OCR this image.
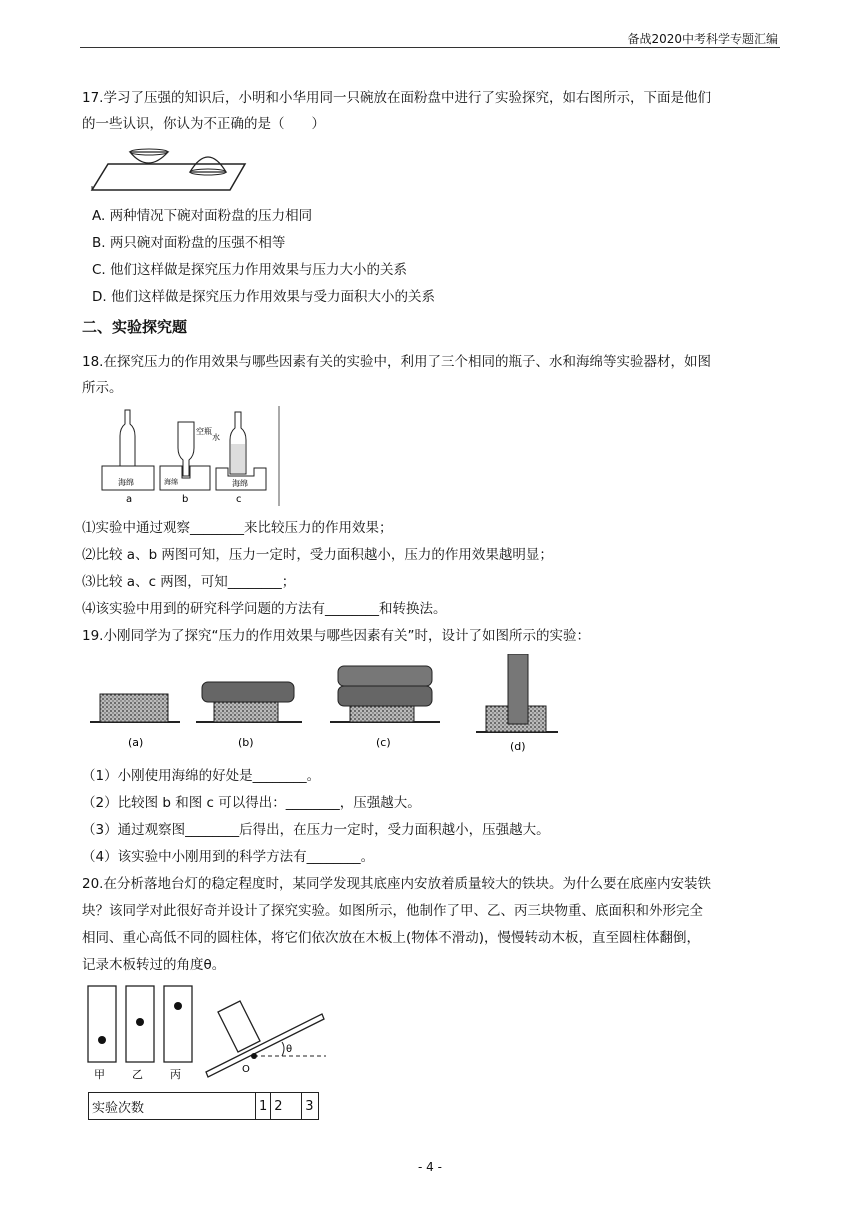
备战2020中考科学专题汇编
17.学习了压强的知识后，小明和小华用同一只碗放在面粉盘中进行了实验探究，如右图所示，下面是他们
的一些认识，你认为不正确的是（　　）
A. 两种情况下碗对面粉盘的压力相同
B. 两只碗对面粉盘的压强不相等
C. 他们这样做是探究压力作用效果与压力大小的关系
D. 他们这样做是探究压力作用效果与受力面积大小的关系
二、实验探究题
18.在探究压力的作用效果与哪些因素有关的实验中，利用了三个相同的瓶子、水和海绵等实验器材，如图
所示。
海绵	海绵
空瓶
海绵
水
a	b	c
⑴实验中通过观察________来比较压力的作用效果；
⑵比较 a、b 两图可知，压力一定时，受力面积越小，压力的作用效果越明显；
⑶比较 a、c 两图，可知________；
⑷该实验中用到的研究科学问题的方法有________和转换法。
19.小刚同学为了探究“压力的作用效果与哪些因素有关”时，设计了如图所示的实验：
(a)	(b)	(c)	(d)
（1）小刚使用海绵的好处是________。
（2）比较图 b 和图 c 可以得出：________，压强越大。
（3）通过观察图________后得出，在压力一定时，受力面积越小，压强越大。
（4）该实验中小刚用到的科学方法有________。
20.在分析落地台灯的稳定程度时，某同学发现其底座内安放着质量较大的铁块。为什么要在底座内安装铁
块？该同学对此很好奇并设计了探究实验。如图所示，他制作了甲、乙、丙三块物重、底面积和外形完全
相同、重心高低不同的圆柱体，将它们依次放在木板上(物体不滑动)，慢慢转动木板，直至圆柱体翻倒，
记录木板转过的角度θ。
甲 乙 丙
θ
O
实验次数	1	2	3
- 4 -
